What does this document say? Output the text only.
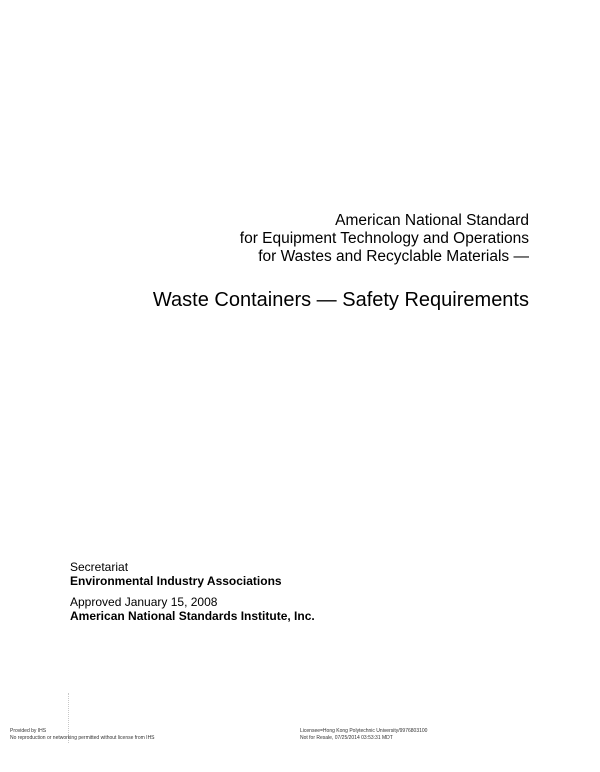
American National Standard
for Equipment Technology and Operations
for Wastes and Recyclable Materials —
Waste Containers — Safety Requirements
Secretariat
Environmental Industry Associations
Approved January 15, 2008
American National Standards Institute, Inc.
Provided by IHS
No reproduction or networking permitted without license from IHS
Licensee=Hong Kong Polytechnic University/9976803100
Not for Resale, 07/25/2014 03:53:31 MDT
